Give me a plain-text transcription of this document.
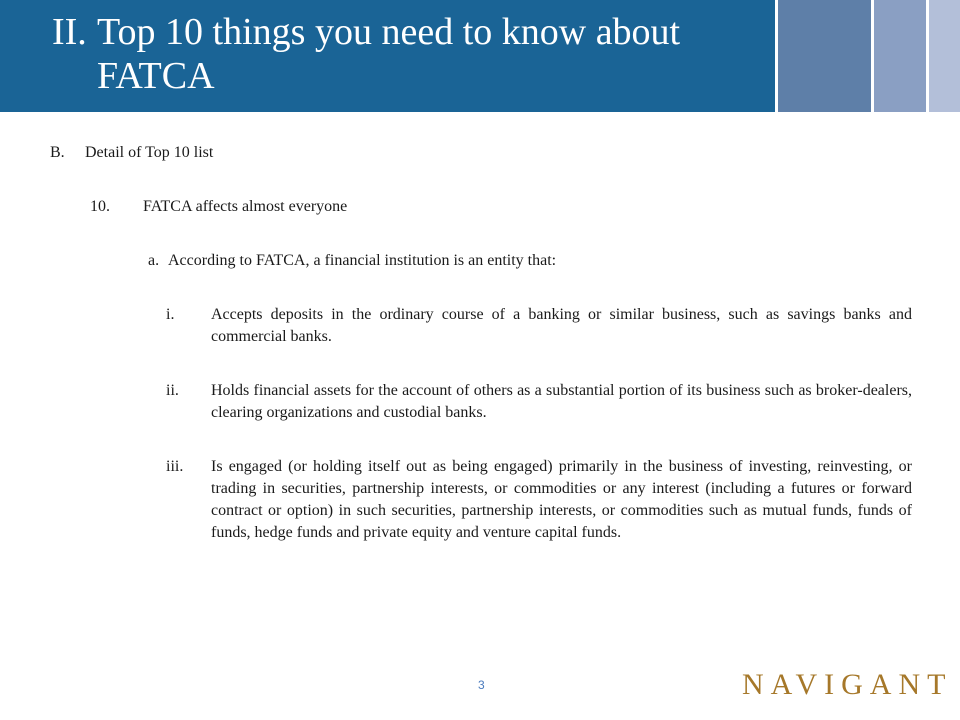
II. Top 10 things you need to know about
FATCA
B. Detail of Top 10 list
10. FATCA affects almost everyone
a. According to FATCA, a financial institution is an entity that:
i. Accepts deposits in the ordinary course of a banking or similar business, such as savings banks and commercial banks.
ii. Holds financial assets for the account of others as a substantial portion of its business such as broker-dealers, clearing organizations and custodial banks.
iii. Is engaged (or holding itself out as being engaged) primarily in the business of investing, reinvesting, or trading in securities, partnership interests, or commodities or any interest (including a futures or forward contract or option) in such securities, partnership interests, or commodities such as mutual funds, funds of funds, hedge funds and private equity and venture capital funds.
3	NAVIGANT
